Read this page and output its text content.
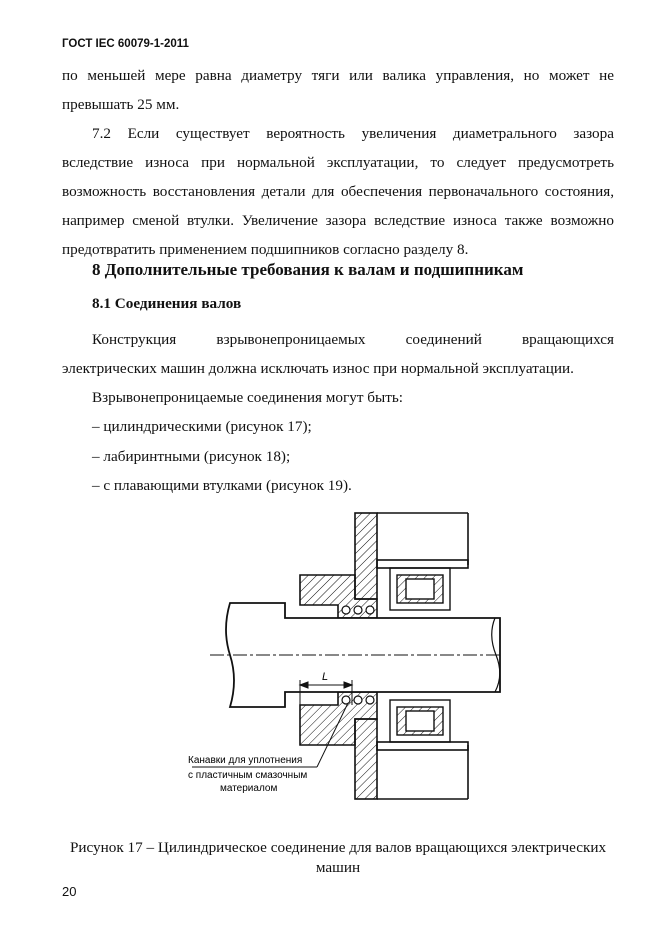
ГОСТ IEC 60079-1-2011
по меньшей мере равна диаметру тяги или валика управления, но может не
превышать 25 мм.
7.2 Если существует вероятность увеличения диаметрального зазора
вследствие износа при нормальной эксплуатации, то следует предусмотреть
возможность восстановления детали для обеспечения первоначального состояния,
например сменой втулки. Увеличение зазора вследствие износа также возможно
предотвратить применением подшипников согласно разделу 8.
8 Дополнительные требования к валам и подшипникам
8.1 Соединения валов
Конструкция взрывонепроницаемых соединений вращающихся
электрических машин должна исключать износ при нормальной эксплуатации.
Взрывонепроницаемые соединения могут быть:
– цилиндрическими (рисунок 17);
– лабиринтными (рисунок 18);
– с плавающими втулками (рисунок 19).
L
Канавки для уплотнения
с пластичным смазочным
материалом
Рисунок 17 – Цилиндрическое соединение для валов вращающихся электрических
машин
20
